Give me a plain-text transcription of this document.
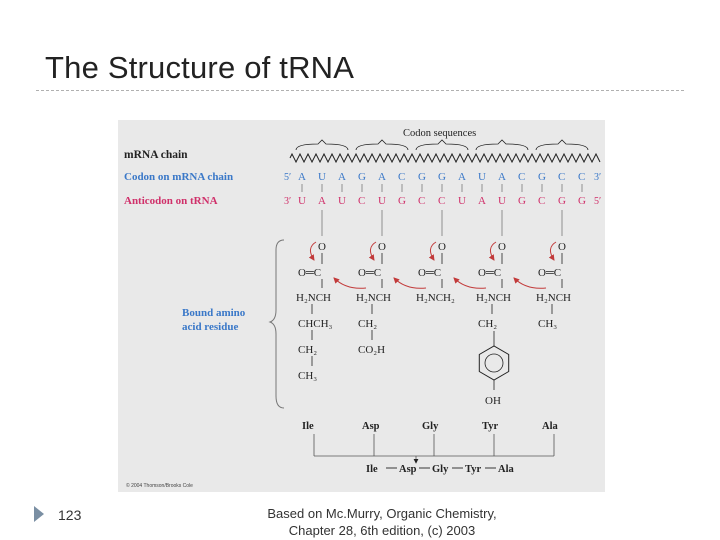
The Structure of tRNA
mRNA chain
Codon on mRNA chain
Anticodon on tRNA
Codon sequences
5′	3′
A U A G A C G G A U A C G C C
3′	5′
U A U C U G C C U A U G C G G
O
O═C
H₂NCH
CHCH₃
CH₂
CH₃
O
O═C
H₂NCH
CH₂
CO₂H
O
O═C
H₂NCH₂
O
O═C
H₂NCH
CH₂
OH
O
O═C
H₂NCH
CH₃
Bound amino
acid residue
Ile	Asp	Gly	Tyr	Ala
Ile Asp Gly Tyr Ala
© 2004 Thomson/Brooks Cole
123	Based on Mc.Murry, Organic Chemistry,
Chapter 28, 6th edition, (c) 2003
